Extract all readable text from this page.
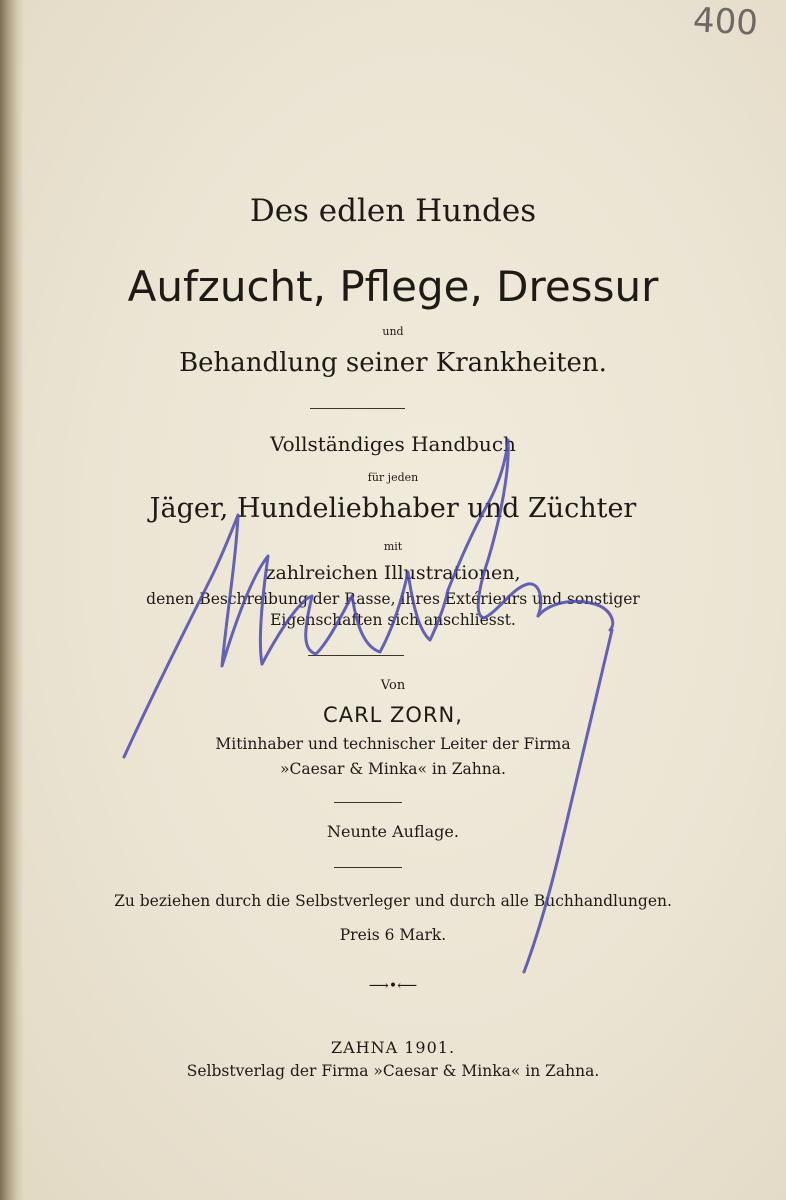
400
Des edlen Hundes
Aufzucht, Pflege, Dressur
und
Behandlung seiner Krankheiten.
Vollständiges Handbuch
für jeden
Jäger, Hundeliebhaber und Züchter
mit
zahlreichen Illustrationen,
denen Beschreibung der Rasse, ihres Extérieurs und sonstiger
Eigenschaften sich anschliesst.
Von
CARL ZORN,
Mitinhaber und technischer Leiter der Firma
»Caesar & Minka« in Zahna.
Neunte Auflage.
Zu beziehen durch die Selbstverleger und durch alle Buchhandlungen.
Preis 6 Mark.
⟶•⟵
ZAHNA 1901.
Selbstverlag der Firma »Caesar & Minka« in Zahna.
